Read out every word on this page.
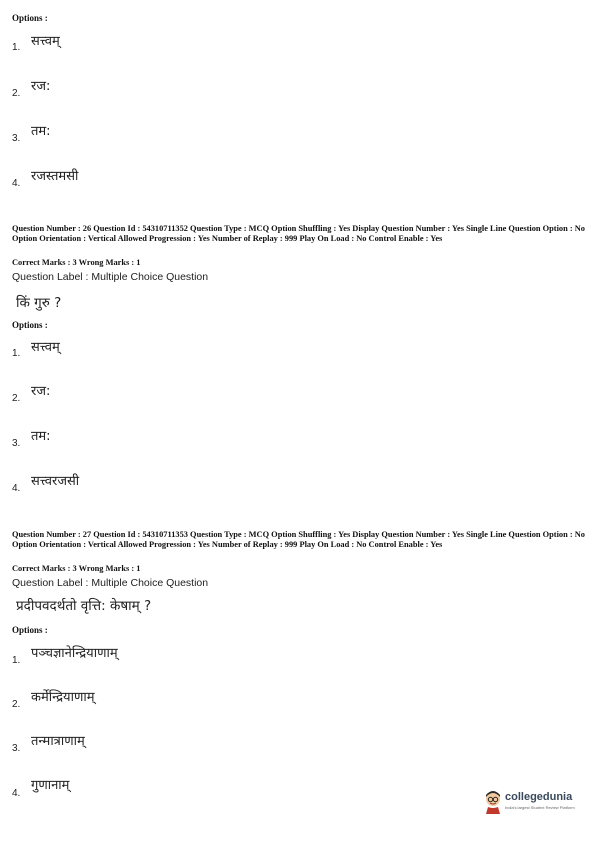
Options :
सत्त्वम्
1.
रज:
2.
तम:
3.
रजस्तमसी
4.
Question Number : 26 Question Id : 54310711352 Question Type : MCQ Option Shuffling : Yes Display Question Number : Yes Single Line Question Option : No Option Orientation : Vertical Allowed Progression : Yes Number of Replay : 999 Play On Load : No Control Enable : Yes
Correct Marks : 3 Wrong Marks : 1
Question Label : Multiple Choice Question
किं गुरु ?
Options :
सत्त्वम्
1.
रज:
2.
तम:
3.
सत्त्वरजसी
4.
Question Number : 27 Question Id : 54310711353 Question Type : MCQ Option Shuffling : Yes Display Question Number : Yes Single Line Question Option : No Option Orientation : Vertical Allowed Progression : Yes Number of Replay : 999 Play On Load : No Control Enable : Yes
Correct Marks : 3 Wrong Marks : 1
Question Label : Multiple Choice Question
प्रदीपवदर्थतो वृत्ति: केषाम् ?
Options :
पञ्चज्ञानेन्द्रियाणाम्
1.
कर्मेन्द्रियाणाम्
2.
तन्मात्राणाम्
3.
गुणानाम्
4.	collegedunia
India's largest Student Review Platform
